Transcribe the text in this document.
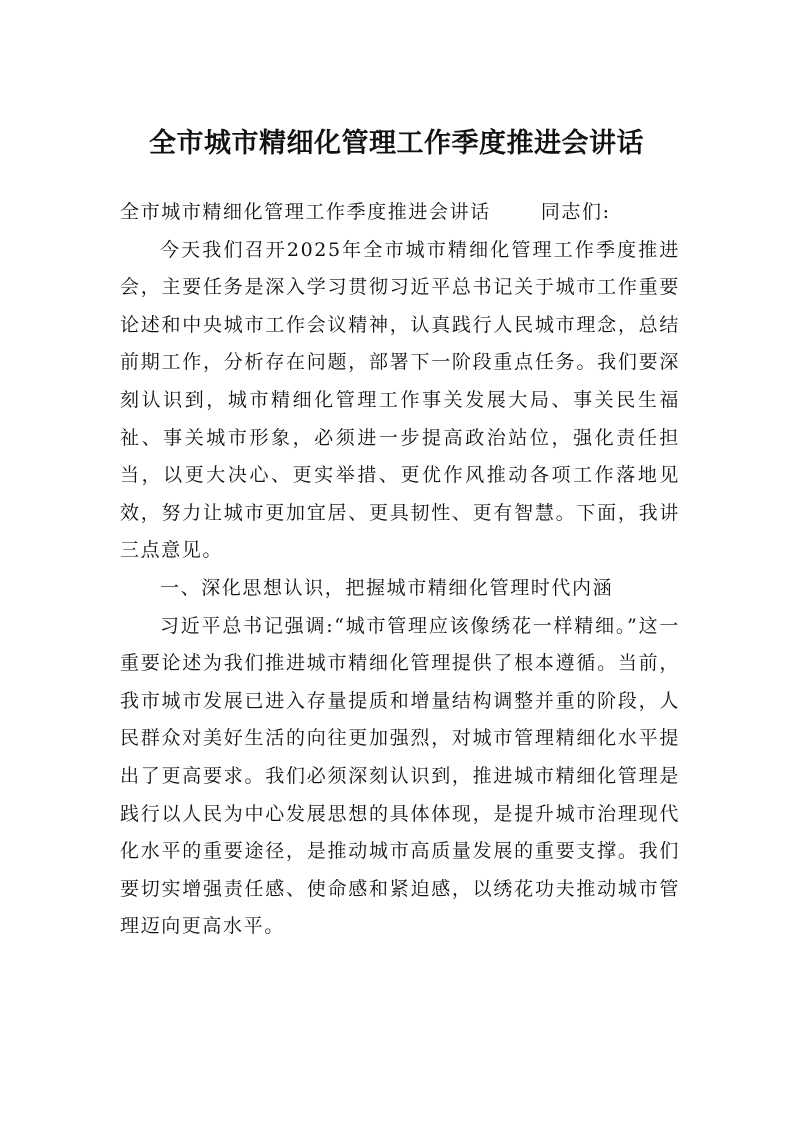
全市城市精细化管理工作季度推进会讲话

全市城市精细化管理工作季度推进会讲话	同志们:

今天我们召开2025年全市城市精细化管理工作季度推进会，主要任务是深入学习贯彻习近平总书记关于城市工作重要论述和中央城市工作会议精神，认真践行人民城市理念，总结前期工作，分析存在问题，部署下一阶段重点任务。我们要深刻认识到，城市精细化管理工作事关发展大局、事关民生福祉、事关城市形象，必须进一步提高政治站位，强化责任担当，以更大决心、更实举措、更优作风推动各项工作落地见效，努力让城市更加宜居、更具韧性、更有智慧。下面，我讲三点意见。

一、深化思想认识，把握城市精细化管理时代内涵

习近平总书记强调:“城市管理应该像绣花一样精细。”这一重要论述为我们推进城市精细化管理提供了根本遵循。当前，我市城市发展已进入存量提质和增量结构调整并重的阶段，人民群众对美好生活的向往更加强烈，对城市管理精细化水平提出了更高要求。我们必须深刻认识到，推进城市精细化管理是践行以人民为中心发展思想的具体体现，是提升城市治理现代化水平的重要途径，是推动城市高质量发展的重要支撑。我们要切实增强责任感、使命感和紧迫感，以绣花功夫推动城市管理迈向更高水平。
